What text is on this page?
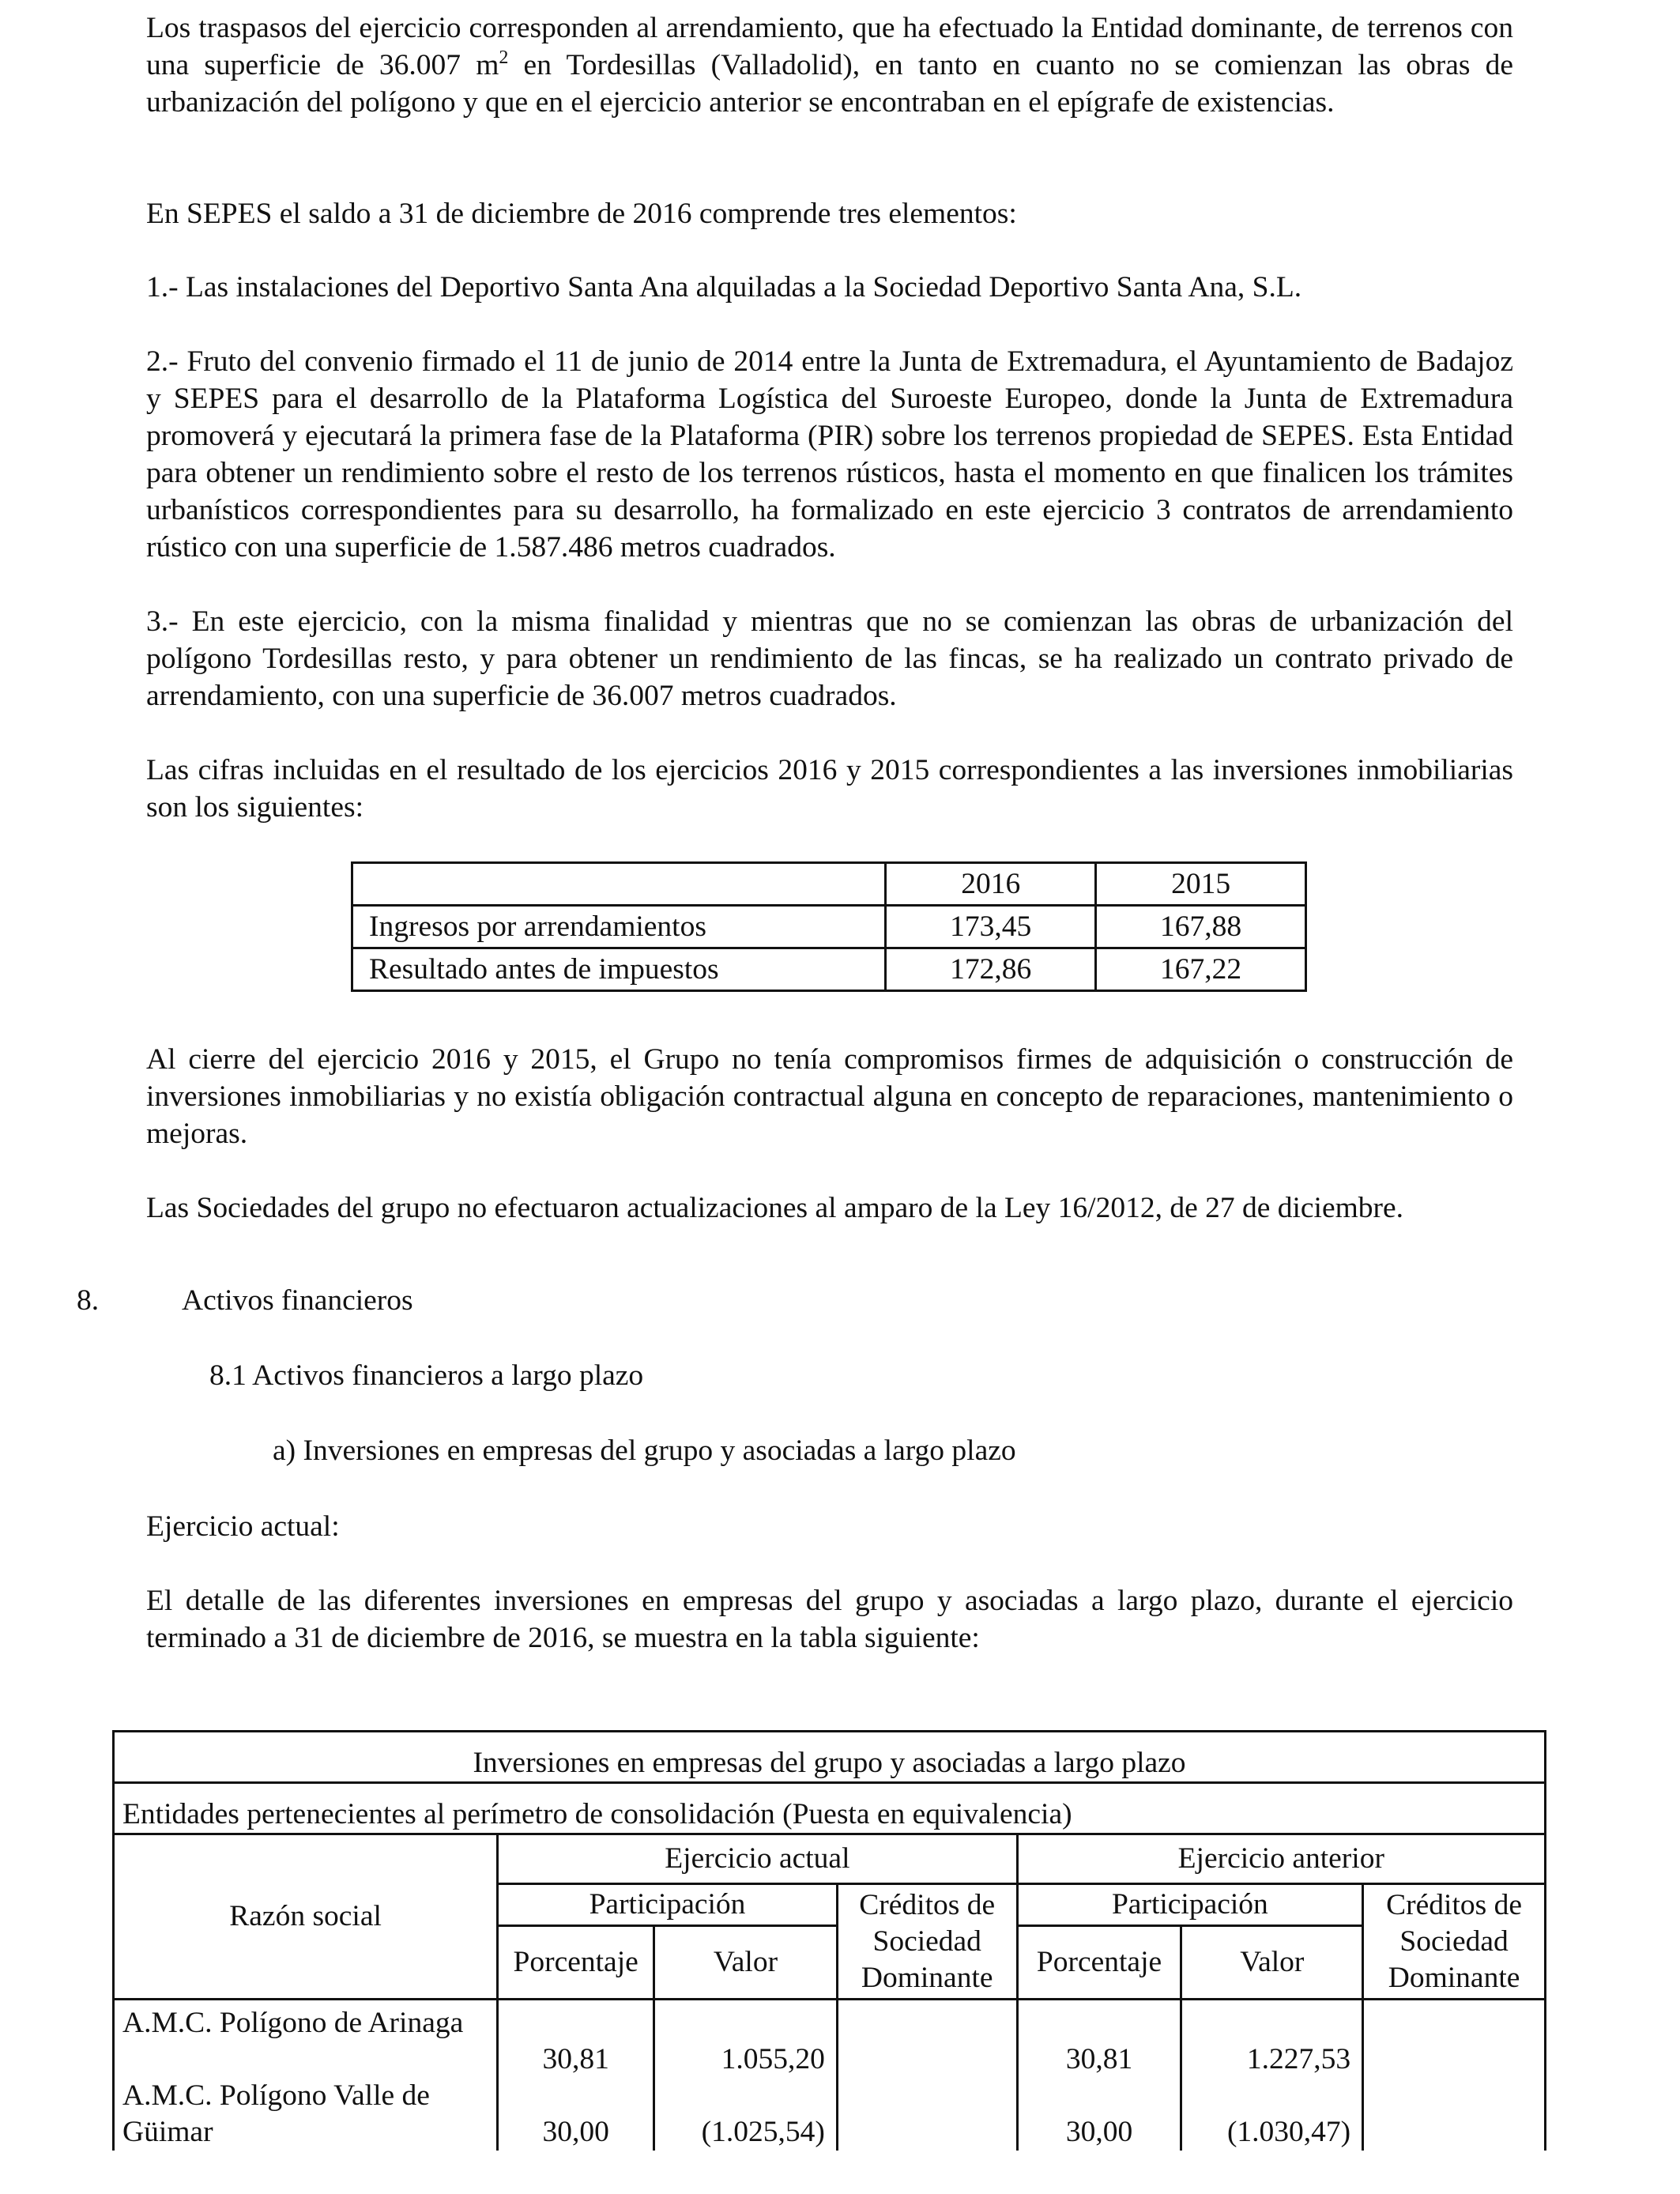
Los traspasos del ejercicio corresponden al arrendamiento, que ha efectuado la Entidad dominante, de terrenos con una superficie de 36.007 $m^2$ en Tordesillas (Valladolid), en tanto en cuanto no se comienzan las obras de urbanización del polígono y que en el ejercicio anterior se encontraban en el epígrafe de existencias.

En SEPES el saldo a 31 de diciembre de 2016 comprende tres elementos:

1.- Las instalaciones del Deportivo Santa Ana alquiladas a la Sociedad Deportivo Santa Ana, S.L.

2.- Fruto del convenio firmado el 11 de junio de 2014 entre la Junta de Extremadura, el Ayuntamiento de Badajoz y SEPES para el desarrollo de la Plataforma Logística del Suroeste Europeo, donde la Junta de Extremadura promoverá y ejecutará la primera fase de la Plataforma (PIR) sobre los terrenos propiedad de SEPES. Esta Entidad para obtener un rendimiento sobre el resto de los terrenos rústicos, hasta el momento en que finalicen los trámites urbanísticos correspondientes para su desarrollo, ha formalizado en este ejercicio 3 contratos de arrendamiento rústico con una superficie de 1.587.486 metros cuadrados.

3.- En este ejercicio, con la misma finalidad y mientras que no se comienzan las obras de urbanización del polígono Tordesillas resto, y para obtener un rendimiento de las fincas, se ha realizado un contrato privado de arrendamiento, con una superficie de 36.007 metros cuadrados.

Las cifras incluidas en el resultado de los ejercicios 2016 y 2015 correspondientes a las inversiones inmobiliarias son los siguientes:

	2016	2015
Ingresos por arrendamientos	173,45	167,88
Resultado antes de impuestos	172,86	167,22

Al cierre del ejercicio 2016 y 2015, el Grupo no tenía compromisos firmes de adquisición o construcción de inversiones inmobiliarias y no existía obligación contractual alguna en concepto de reparaciones, mantenimiento o mejoras.

Las Sociedades del grupo no efectuaron actualizaciones al amparo de la Ley 16/2012, de 27 de diciembre.

8.	Activos financieros

8.1 Activos financieros a largo plazo

a) Inversiones en empresas del grupo y asociadas a largo plazo

Ejercicio actual:

El detalle de las diferentes inversiones en empresas del grupo y asociadas a largo plazo, durante el ejercicio terminado a 31 de diciembre de 2016, se muestra en la tabla siguiente:

Inversiones en empresas del grupo y asociadas a largo plazo						
Entidades pertenecientes al perímetro de consolidación (Puesta en equivalencia)						
Razón social	Ejercicio actual			Ejercicio anterior		
	Participación		Créditos de Sociedad Dominante	Participación		Créditos de Sociedad Dominante
	Porcentaje	Valor		Porcentaje	Valor	
A.M.C. Polígono de Arinaga	30,81	1.055,20		30,81	1.227,53	
A.M.C. Polígono Valle de Güimar	30,00	(1.025,54)		30,00	(1.030,47)	
